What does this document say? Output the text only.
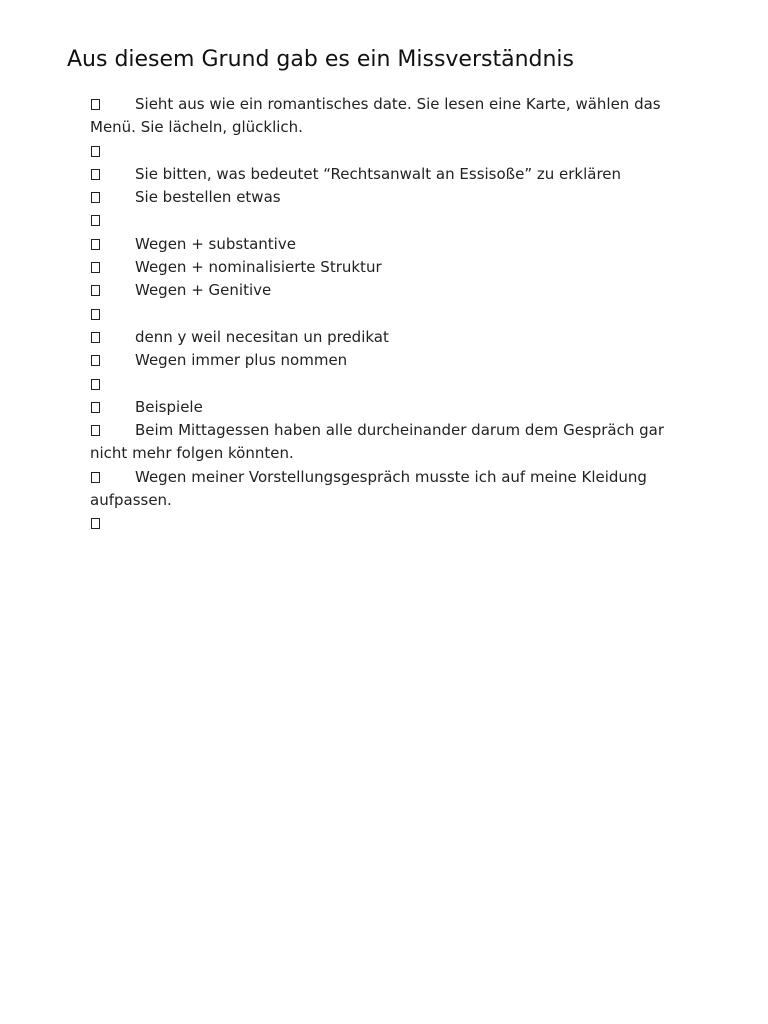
Aus diesem Grund gab es ein Missverständnis
Sieht aus wie ein romantisches date. Sie lesen eine Karte, wählen das Menü. Sie lächeln, glücklich.
Sie bitten, was bedeutet “Rechtsanwalt an Essisoße” zu erklären
Sie bestellen etwas
Wegen + substantive
Wegen + nominalisierte Struktur
Wegen + Genitive
denn y weil necesitan un predikat
Wegen immer plus nommen
Beispiele
Beim Mittagessen haben alle durcheinander darum dem Gespräch gar nicht mehr folgen könnten.
Wegen meiner Vorstellungsgespräch musste ich auf meine Kleidung aufpassen.
